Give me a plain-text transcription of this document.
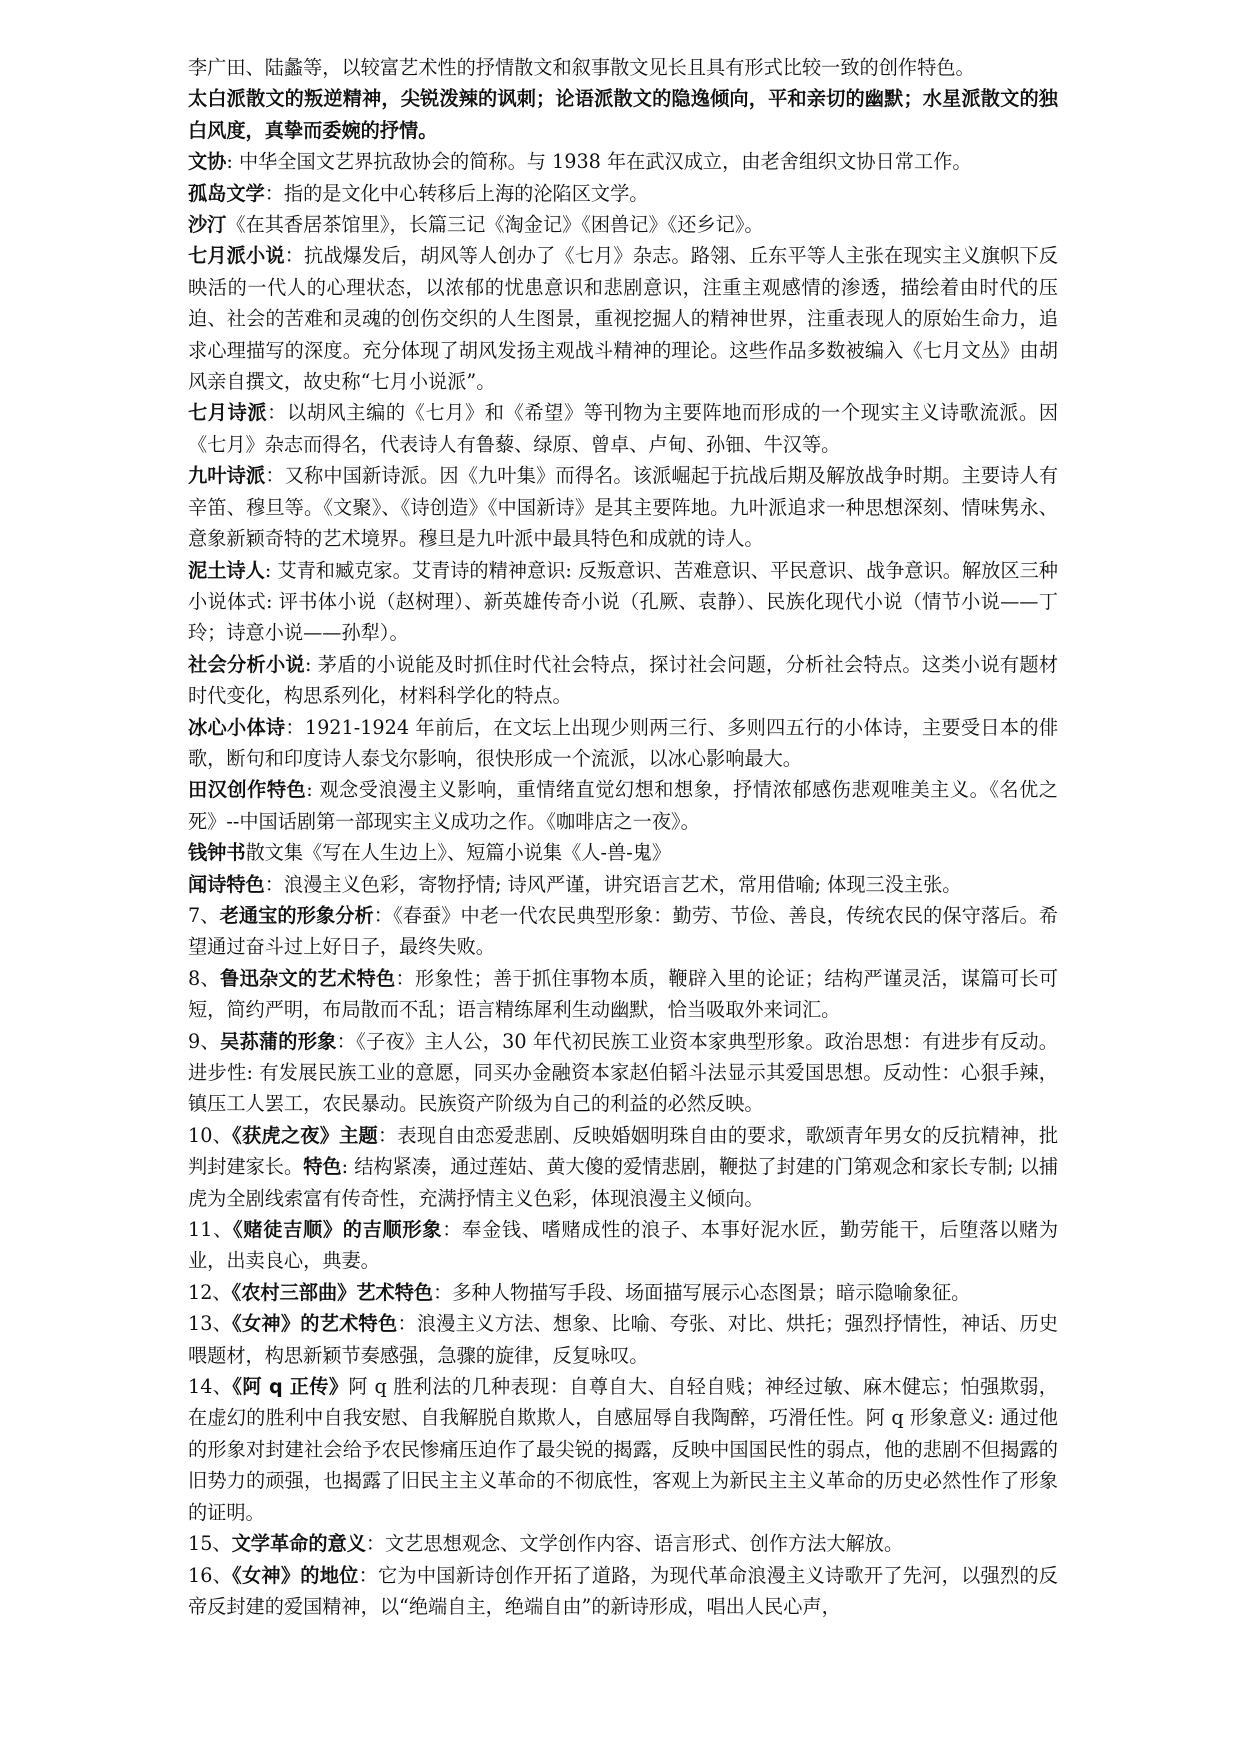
李广田、陆蠡等，以较富艺术性的抒情散文和叙事散文见长且具有形式比较一致的创作特色。

太白派散文的叛逆精神，尖锐泼辣的讽刺；论语派散文的隐逸倾向，平和亲切的幽默；水星派散文的独白风度，真挚而委婉的抒情。

文协: 中华全国文艺界抗敌协会的简称。与 1938 年在武汉成立，由老舍组织文协日常工作。

孤岛文学：指的是文化中心转移后上海的沦陷区文学。

沙汀《在其香居茶馆里》，长篇三记《淘金记》《困兽记》《还乡记》。

七月派小说：抗战爆发后，胡风等人创办了《七月》杂志。路翎、丘东平等人主张在现实主义旗帜下反映活的一代人的心理状态，以浓郁的忧患意识和悲剧意识，注重主观感情的渗透，描绘着由时代的压迫、社会的苦难和灵魂的创伤交织的人生图景，重视挖掘人的精神世界，注重表现人的原始生命力，追求心理描写的深度。充分体现了胡风发扬主观战斗精神的理论。这些作品多数被编入《七月文丛》由胡风亲自撰文，故史称“七月小说派”。

七月诗派：以胡风主编的《七月》和《希望》等刊物为主要阵地而形成的一个现实主义诗歌流派。因《七月》杂志而得名，代表诗人有鲁藜、绿原、曾卓、卢甸、孙钿、牛汉等。

九叶诗派：又称中国新诗派。因《九叶集》而得名。该派崛起于抗战后期及解放战争时期。主要诗人有辛笛、穆旦等。《文聚》、《诗创造》《中国新诗》是其主要阵地。九叶派追求一种思想深刻、情味隽永、意象新颖奇特的艺术境界。穆旦是九叶派中最具特色和成就的诗人。

泥土诗人: 艾青和臧克家。艾青诗的精神意识: 反叛意识、苦难意识、平民意识、战争意识。解放区三种小说体式: 评书体小说（赵树理）、新英雄传奇小说（孔厥、袁静）、民族化现代小说（情节小说——丁玲；诗意小说——孙犁）。

社会分析小说: 茅盾的小说能及时抓住时代社会特点，探讨社会问题，分析社会特点。这类小说有题材时代变化，构思系列化，材料科学化的特点。

冰心小体诗：1921-1924 年前后，在文坛上出现少则两三行、多则四五行的小体诗，主要受日本的俳歌，断句和印度诗人泰戈尔影响，很快形成一个流派，以冰心影响最大。

田汉创作特色: 观念受浪漫主义影响，重情绪直觉幻想和想象，抒情浓郁感伤悲观唯美主义。《名优之死》--中国话剧第一部现实主义成功之作。《咖啡店之一夜》。

钱钟书散文集《写在人生边上》、短篇小说集《人-兽-鬼》

闻诗特色：浪漫主义色彩，寄物抒情; 诗风严谨，讲究语言艺术，常用借喻; 体现三没主张。

7、老通宝的形象分析：《春蚕》中老一代农民典型形象：勤劳、节俭、善良，传统农民的保守落后。希望通过奋斗过上好日子，最终失败。

8、鲁迅杂文的艺术特色：形象性；善于抓住事物本质，鞭辟入里的论证；结构严谨灵活，谋篇可长可短，简约严明，布局散而不乱；语言精练犀利生动幽默，恰当吸取外来词汇。

9、吴荪蒲的形象：《子夜》主人公，30 年代初民族工业资本家典型形象。政治思想：有进步有反动。进步性: 有发展民族工业的意愿，同买办金融资本家赵伯韬斗法显示其爱国思想。反动性：心狠手辣，镇压工人罢工，农民暴动。民族资产阶级为自己的利益的必然反映。

10、《获虎之夜》主题：表现自由恋爱悲剧、反映婚姻明珠自由的要求，歌颂青年男女的反抗精神，批判封建家长。特色: 结构紧凑，通过莲姑、黄大傻的爱情悲剧，鞭挞了封建的门第观念和家长专制; 以捕虎为全剧线索富有传奇性，充满抒情主义色彩，体现浪漫主义倾向。

11、《赌徒吉顺》的吉顺形象：奉金钱、嗜赌成性的浪子、本事好泥水匠，勤劳能干，后堕落以赌为业，出卖良心，典妻。

12、《农村三部曲》艺术特色：多种人物描写手段、场面描写展示心态图景；暗示隐喻象征。

13、《女神》的艺术特色：浪漫主义方法、想象、比喻、夸张、对比、烘托；强烈抒情性，神话、历史喂题材，构思新颖节奏感强，急骤的旋律，反复咏叹。

14、《阿 q 正传》阿 q 胜利法的几种表现：自尊自大、自轻自贱；神经过敏、麻木健忘；怕强欺弱，在虚幻的胜利中自我安慰、自我解脱自欺欺人，自感屈辱自我陶醉，巧滑任性。阿 q 形象意义: 通过他的形象对封建社会给予农民惨痛压迫作了最尖锐的揭露，反映中国国民性的弱点，他的悲剧不但揭露的旧势力的顽强，也揭露了旧民主主义革命的不彻底性，客观上为新民主主义革命的历史必然性作了形象的证明。

15、文学革命的意义：文艺思想观念、文学创作内容、语言形式、创作方法大解放。

16、《女神》的地位：它为中国新诗创作开拓了道路，为现代革命浪漫主义诗歌开了先河，以强烈的反帝反封建的爱国精神，以“绝端自主，绝端自由”的新诗形成，唱出人民心声，
